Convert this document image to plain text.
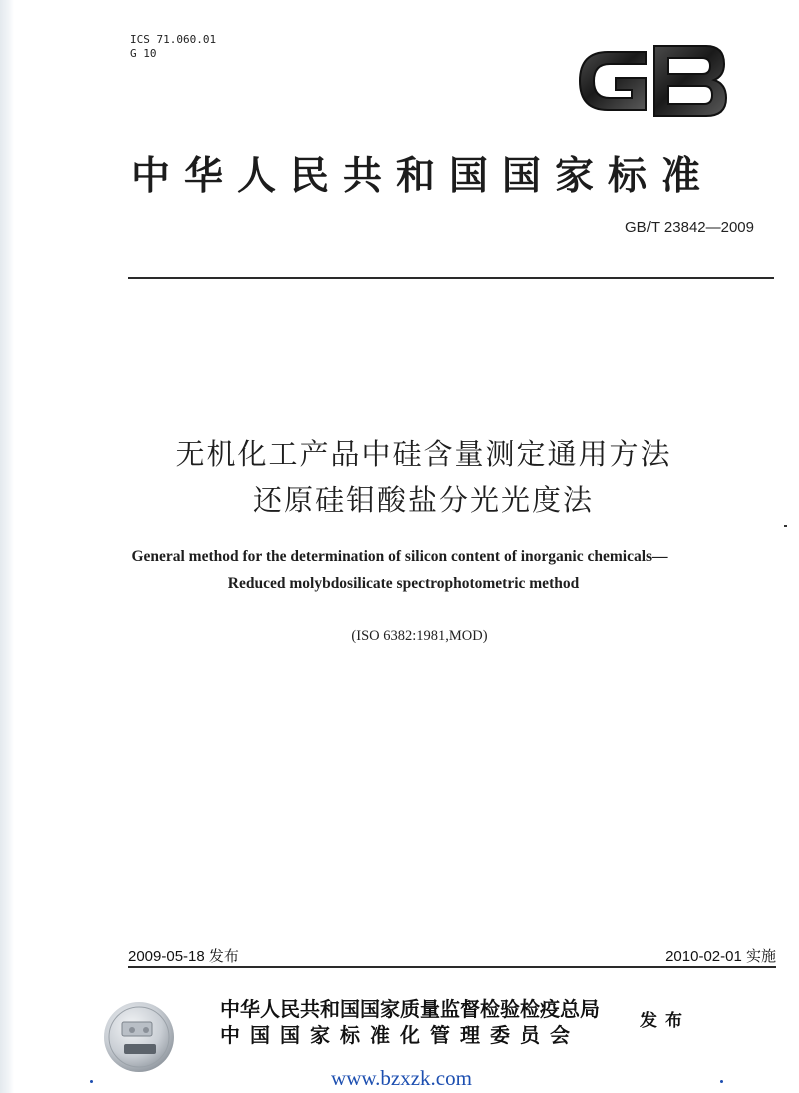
ICS 71.060.01
G 10
中华人民共和国国家标准
GB/T 23842—2009
无机化工产品中硅含量测定通用方法
还原硅钼酸盐分光光度法
General method for the determination of silicon content of inorganic chemicals—
Reduced molybdosilicate spectrophotometric method
(ISO 6382:1981,MOD)
2009-05-18 发布	2010-02-01 实施
中华人民共和国国家质量监督检验检疫总局
中国国家标准化管理委员会
发布
www.bzxzk.com
